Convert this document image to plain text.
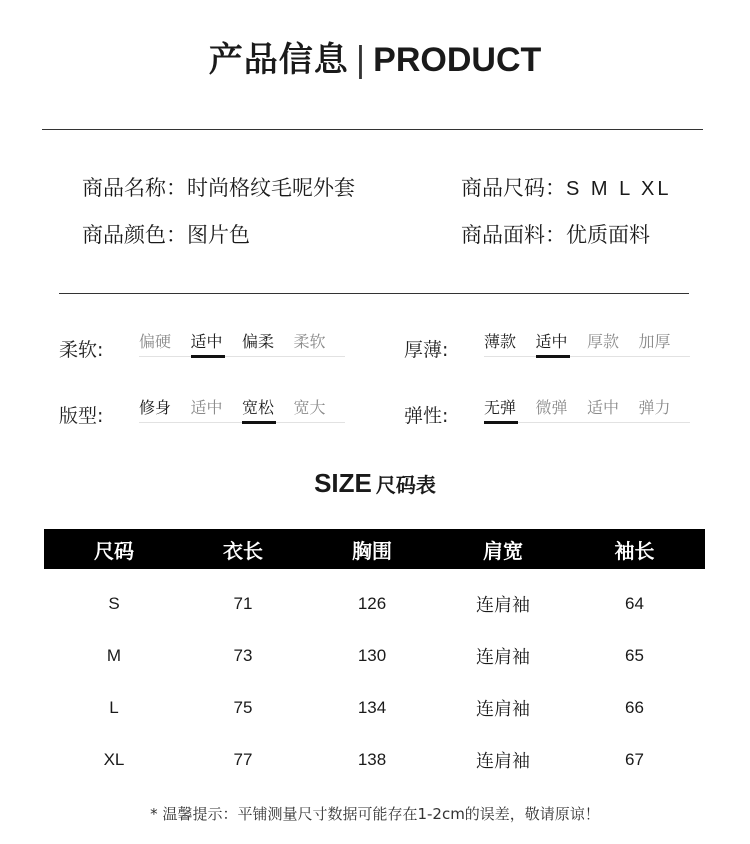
产品信息 | PRODUCT
商品名称：时尚格纹毛呢外套	商品尺码：S M L XL
商品颜色：图片色	商品面料：优质面料
柔软: 偏硬	适中	偏柔	柔软	厚薄: 薄款	适中	厚款	加厚
版型: 修身	适中	宽松	宽大	弹性: 无弹	微弹	适中	弹力
SIZE 尺码表
尺码	衣长	胸围	肩宽	袖长
S	71	126	连肩袖	64
M	73	130	连肩袖	65
L	75	134	连肩袖	66
XL	77	138	连肩袖	67
* 温馨提示：平铺测量尺寸数据可能存在1-2cm的误差，敬请原谅！
